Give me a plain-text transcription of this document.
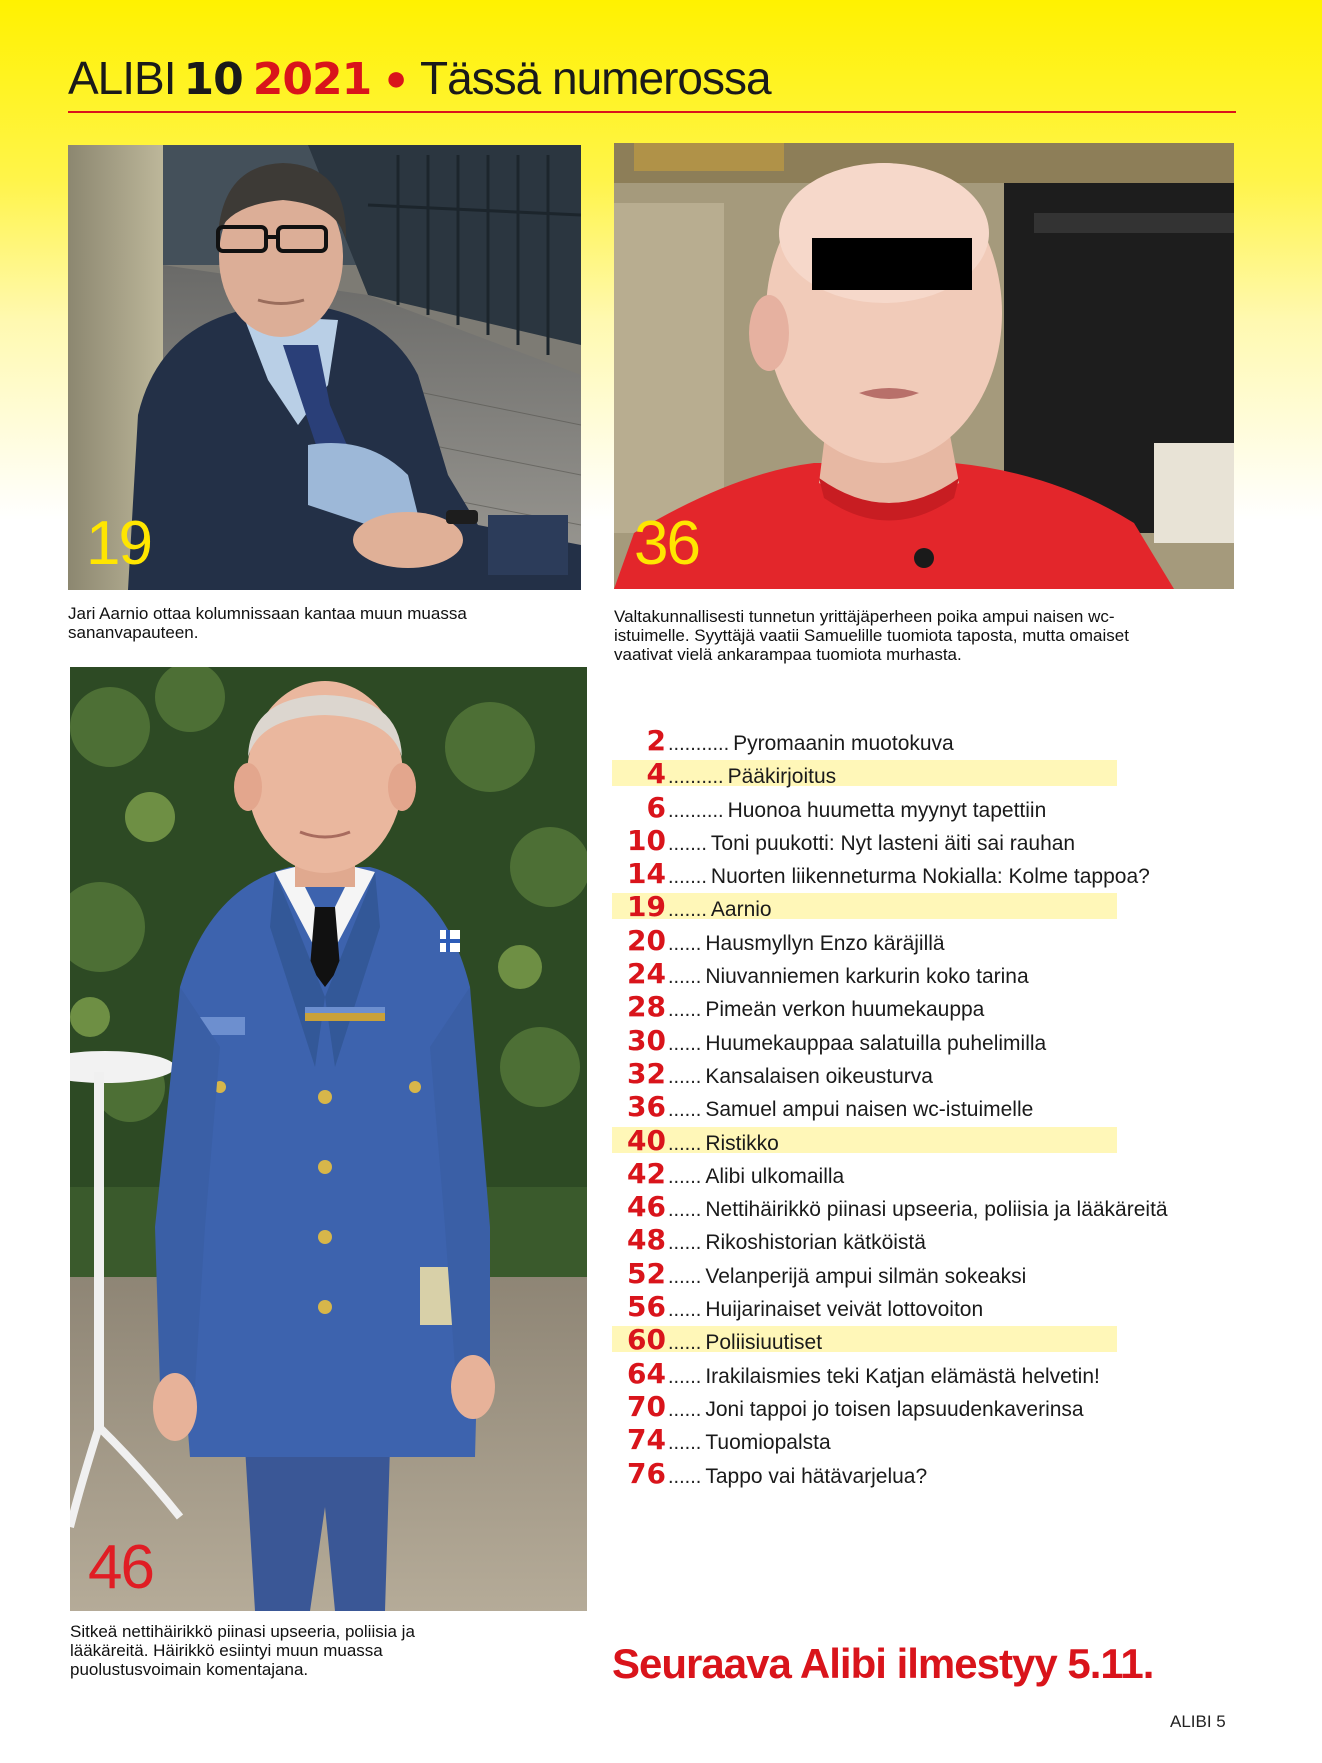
ALIBI 10 2021 ● Tässä numerossa
19
Jari Aarnio ottaa kolumnissaan kantaa muun muassa sananvapauteen.
36
Valtakunnallisesti tunnetun yrittäjäperheen poika ampui naisen wc-istuimelle. Syyttäjä vaatii Samuelille tuomiota taposta, mutta omaiset vaativat vielä ankarampaa tuomiota murhasta.
46
Sitkeä nettihäirikkö piinasi upseeria, poliisia ja lääkäreitä. Häirikkö esiintyi muun muassa puolustusvoimain komentajana.
2 ........... Pyromaanin muotokuva
4 .......... Pääkirjoitus
6 .......... Huonoa huumetta myynyt tapettiin
10 ....... Toni puukotti: Nyt lasteni äiti sai rauhan
14 ....... Nuorten liikenneturma Nokialla: Kolme tappoa?
19 ....... Aarnio
20 ...... Hausmyllyn Enzo käräjillä
24 ...... Niuvanniemen karkurin koko tarina
28 ...... Pimeän verkon huumekauppa
30 ...... Huumekauppaa salatuilla puhelimilla
32 ...... Kansalaisen oikeusturva
36 ...... Samuel ampui naisen wc-istuimelle
40 ...... Ristikko
42 ...... Alibi ulkomailla
46 ...... Nettihäirikkö piinasi upseeria, poliisia ja lääkäreitä
48 ...... Rikoshistorian kätköistä
52 ...... Velanperijä ampui silmän sokeaksi
56 ...... Huijarinaiset veivät lottovoiton
60 ...... Poliisiuutiset
64 ...... Irakilaismies teki Katjan elämästä helvetin!
70 ...... Joni tappoi jo toisen lapsuudenkaverinsa
74 ...... Tuomiopalsta
76 ...... Tappo vai hätävarjelua?
Seuraava Alibi ilmestyy 5.11.
ALIBI 5
